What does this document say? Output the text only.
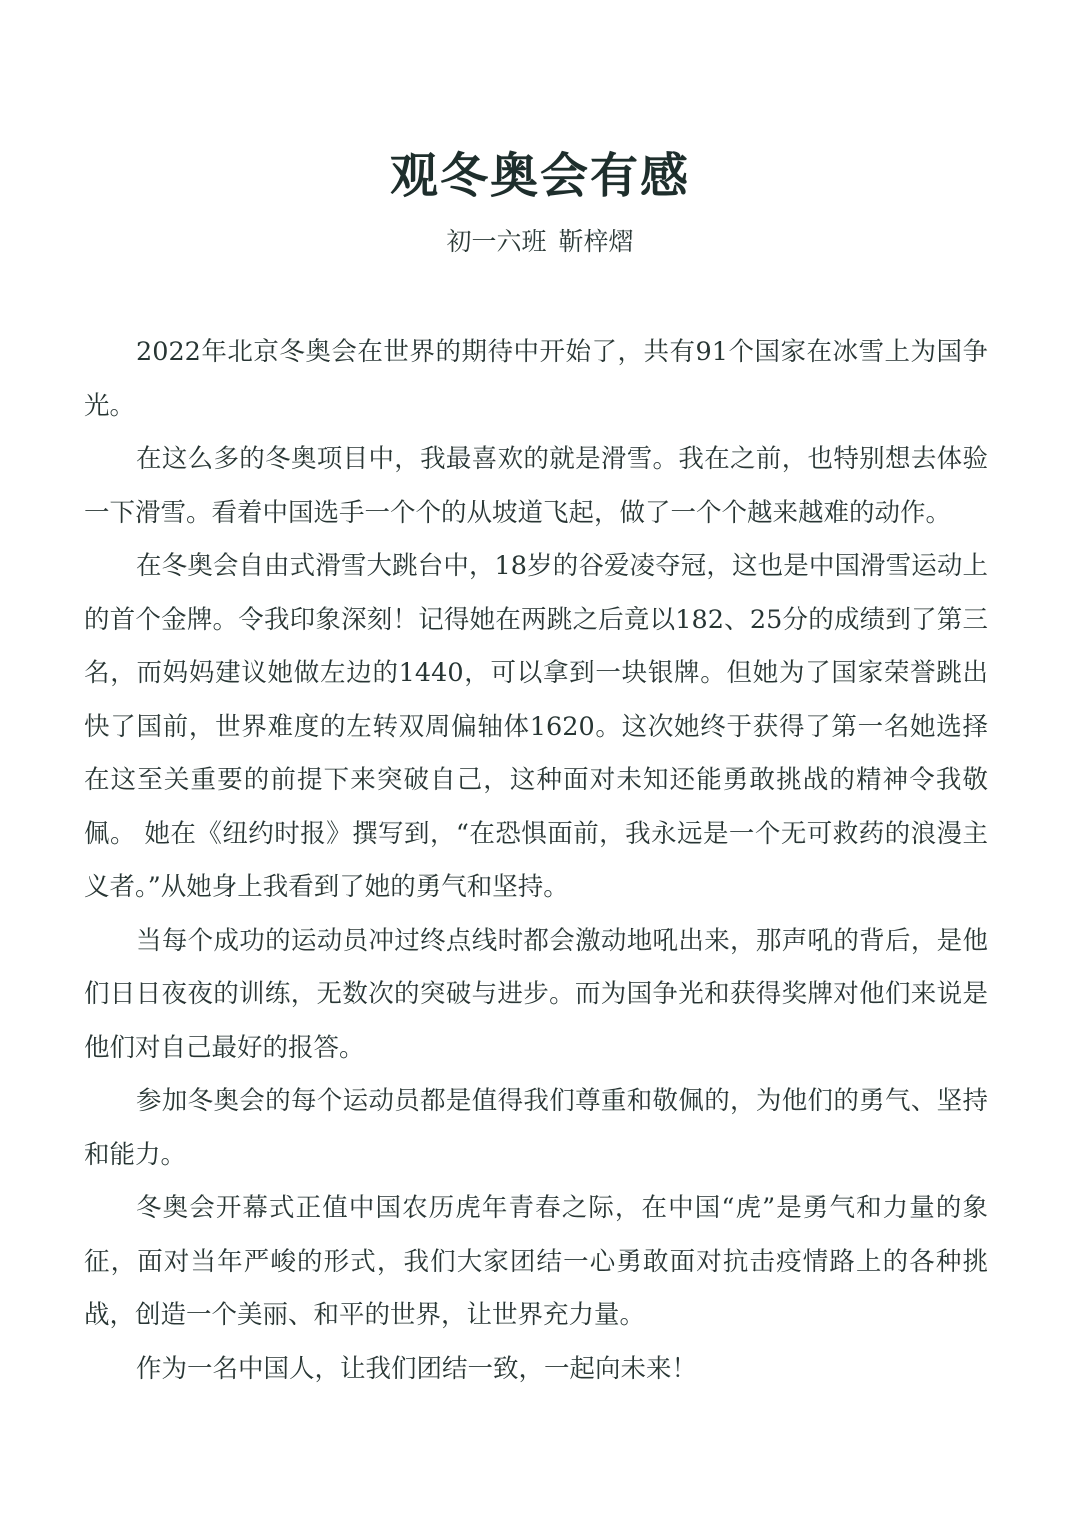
观冬奥会有感
初一六班 靳梓熠

2022年北京冬奥会在世界的期待中开始了，共有91个国家在冰雪上为国争光。

在这么多的冬奥项目中，我最喜欢的就是滑雪。我在之前，也特别想去体验一下滑雪。看着中国选手一个个的从坡道飞起，做了一个个越来越难的动作。

在冬奥会自由式滑雪大跳台中，18岁的谷爱凌夺冠，这也是中国滑雪运动上的首个金牌。令我印象深刻！记得她在两跳之后竟以182、25分的成绩到了第三名，而妈妈建议她做左边的1440，可以拿到一块银牌。但她为了国家荣誉跳出快了国前，世界难度的左转双周偏轴体1620。这次她终于获得了第一名她选择在这至关重要的前提下来突破自己，这种面对未知还能勇敢挑战的精神令我敬佩。 她在《纽约时报》撰写到，“在恐惧面前，我永远是一个无可救药的浪漫主义者。”从她身上我看到了她的勇气和坚持。

当每个成功的运动员冲过终点线时都会激动地吼出来，那声吼的背后，是他们日日夜夜的训练，无数次的突破与进步。而为国争光和获得奖牌对他们来说是他们对自己最好的报答。

参加冬奥会的每个运动员都是值得我们尊重和敬佩的，为他们的勇气、坚持和能力。

冬奥会开幕式正值中国农历虎年青春之际，在中国“虎”是勇气和力量的象征，面对当年严峻的形式，我们大家团结一心勇敢面对抗击疫情路上的各种挑战，创造一个美丽、和平的世界，让世界充力量。

作为一名中国人，让我们团结一致，一起向未来！
